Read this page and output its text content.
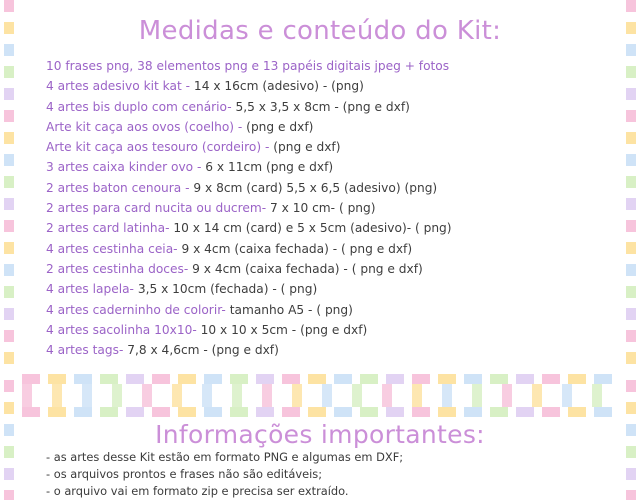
Medidas e conteúdo do Kit:
10 frases png, 38 elementos png e 13 papéis digitais jpeg + fotos
4 artes adesivo kit kat - 14 x 16cm (adesivo) - (png)
4 artes bis duplo com cenário- 5,5 x 3,5 x 8cm - (png e dxf)
Arte kit caça aos ovos (coelho) - (png e dxf)
Arte kit caça aos tesouro (cordeiro) - (png e dxf)
3 artes caixa kinder ovo - 6 x 11cm (png e dxf)
2 artes baton cenoura - 9 x 8cm (card) 5,5 x 6,5 (adesivo) (png)
2 artes para card nucita ou ducrem- 7 x 10 cm- ( png)
2 artes card latinha- 10 x 14 cm (card) e 5 x 5cm (adesivo)- ( png)
4 artes cestinha ceia- 9 x 4cm (caixa fechada) - ( png e dxf)
2 artes cestinha doces- 9 x 4cm (caixa fechada) - ( png e dxf)
4 artes lapela- 3,5 x 10cm (fechada) - ( png)
4 artes caderninho de colorir- tamanho A5 - ( png)
4 artes sacolinha 10x10- 10 x 10 x 5cm - (png e dxf)
4 artes tags- 7,8 x 4,6cm - (png e dxf)
Informações importantes:
- as artes desse Kit estão em formato PNG e algumas em DXF;
- os arquivos prontos e frases não são editáveis;
- o arquivo vai em formato zip e precisa ser extraído.
